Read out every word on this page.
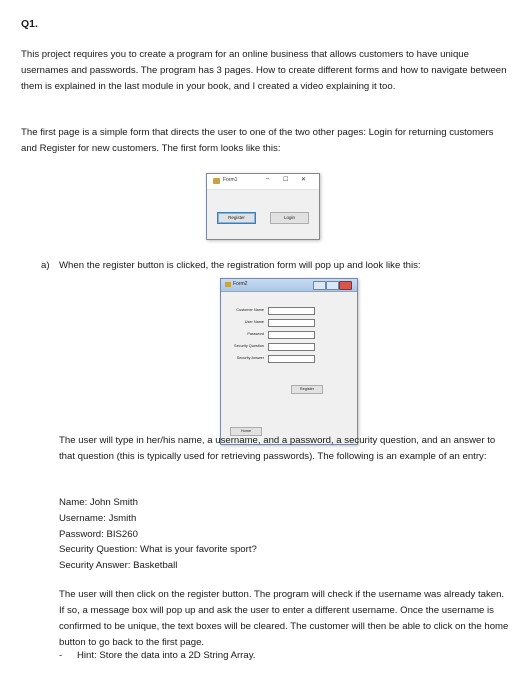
Q1.
This project requires you to create a program for an online business that allows customers to have unique usernames and passwords. The program has 3 pages. How to create different forms and how to navigate between them is explained in the last module in your book, and I created a video explaining it too.
The first page is a simple form that directs the user to one of the two other pages: Login for returning customers and Register for new customers. The first form looks like this:
Form1	– ☐ ✕
Register	Login
a) When the register button is clicked, the registration form will pop up and look like this:
Form2
Customer Name
User Name
Password
Security Question
Security Answer
Register
Home
The user will type in her/his name, a username, and a password, a security question, and an answer to that question (this is typically used for retrieving passwords). The following is an example of an entry:
Name: John Smith
Username: Jsmith
Password: BIS260
Security Question: What is your favorite sport?
Security Answer: Basketball
The user will then click on the register button. The program will check if the username was already taken. If so, a message box will pop up and ask the user to enter a different username. Once the username is confirmed to be unique, the text boxes will be cleared. The customer will then be able to click on the home button to go back to the first page.
- Hint: Store the data into a 2D String Array.
